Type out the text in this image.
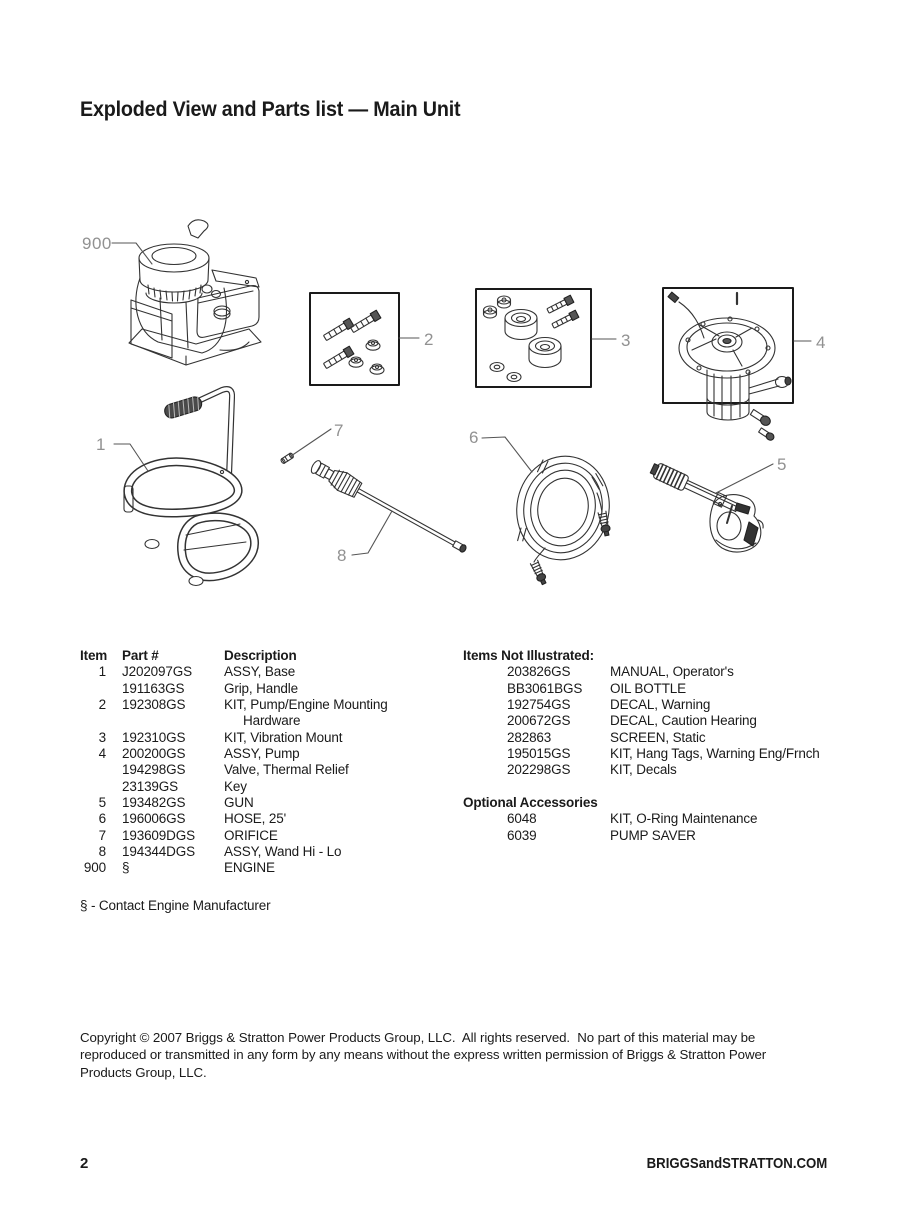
Exploded View and Parts list — Main Unit
900
2	3	4
1
7
8
6
5
Item Part #	Description
1 J202097GS	ASSY, Base
191163GS	Grip, Handle
2 192308GS	KIT, Pump/Engine Mounting
Hardware
3 192310GS	KIT, Vibration Mount
4 200200GS	ASSY, Pump
194298GS	Valve, Thermal Relief
23139GS	Key
5 193482GS	GUN
6 196006GS	HOSE, 25'
7 193609DGS	ORIFICE
8 194344DGS	ASSY, Wand Hi - Lo
900 §	ENGINE
Items Not Illustrated:
203826GS	MANUAL, Operator's
BB3061BGS	OIL BOTTLE
192754GS	DECAL, Warning
200672GS	DECAL, Caution Hearing
282863	SCREEN, Static
195015GS	KIT, Hang Tags, Warning Eng/Frnch
202298GS	KIT, Decals
Optional Accessories
6048	KIT, O-Ring Maintenance
6039	PUMP SAVER
§ - Contact Engine Manufacturer
Copyright © 2007 Briggs & Stratton Power Products Group, LLC.  All rights reserved.  No part of this material may be
reproduced or transmitted in any form by any means without the express written permission of Briggs & Stratton Power
Products Group, LLC.
2	BRIGGSandSTRATTON.COM
